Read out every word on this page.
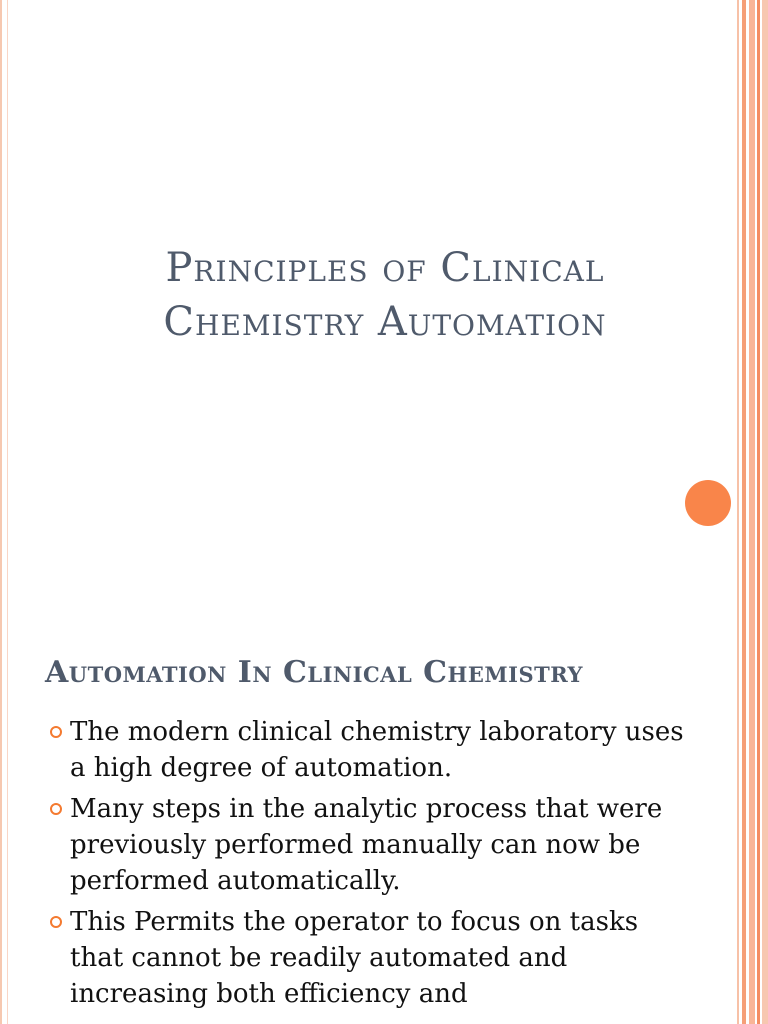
Principles of Clinical
Chemistry Automation
Automation In Clinical Chemistry
The modern clinical chemistry laboratory uses a high degree of automation.
Many steps in the analytic process that were previously performed manually can now be performed automatically.
This Permits the operator to focus on tasks that cannot be readily automated and increasing both efficiency and
